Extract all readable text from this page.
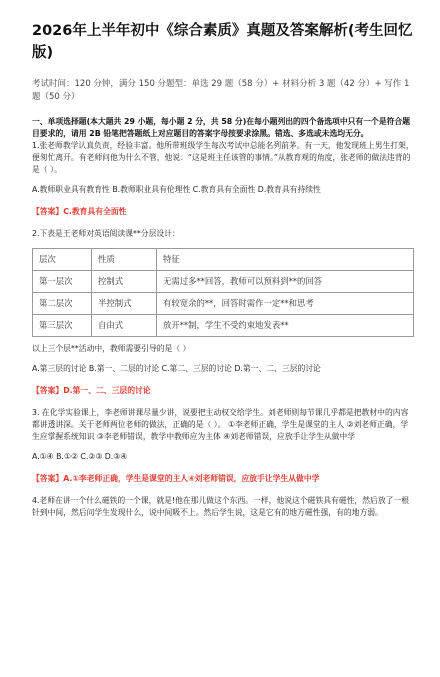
2026年上半年初中《综合素质》真题及答案解析(考生回忆版)
考试时间：120 分钟，满分 150 分题型：单选 29 题（58 分）+ 材料分析 3 题（42 分）+ 写作 1 题（50 分）
一、单项选择题(本大题共 29 小题，每小题 2 分，共 58 分)在每小题列出的四个备选项中只有一个是符合题目要求的，请用 2B 铅笔把答题纸上对应题目的答案字母按要求涂黑。错选、多选或未选均无分。
1.张老师教学认真负责，经验丰富。他所带班级学生每次考试中总能名列前茅。有一天，他发现班上男生打架，便匆忙离开。有老师问他为什么不管，他说：“这是班主任该管的事情。”从教育观的角度，张老师的做法违背的是（ ）。
A.教师职业具有教育性 B.教师职业具有伦理性 C.教育具有全面性 D.教育具有持续性
【答案】C.教育具有全面性
2.下表是王老师对英语阅读课**分层设计：
层次	性质	特征
第一层次	控制式	无需过多**回答，教师可以预料到**的回答
第二层次	半控制式	有较宽余的**，回答时需作一定**和思考
第三层次	自由式	放开**制，学生不受约束地发表**
以上三个层**活动中，教师需要引导的是（ ）
A.第三层的讨论 B.第一、二层的讨论 C.第二、三层的讨论 D.第一、二、三层的讨论
【答案】D.第一、二、三层的讨论
3. 在化学实验课上，李老师讲课尽量少讲，说要把主动权交给学生。刘老师则每节课几乎都是把教材中的内容都讲透讲深。关于老师两位老师的做法，正确的是（ ）。 ①李老师正确，学生是课堂的主人 ②刘老师正确，学生应掌握系统知识 ③李老师错误，教学中教师应为主体 ④刘老师错误，应放手让学生从做中学
A.①④ B.①② C.②③ D.③④
【答案】A.①李老师正确，学生是课堂的主人④刘老师错误，应放手让学生从做中学
4.老师在讲一个什么磁铁的一个课，就是!他在那儿做这个东西。一样，他说这个磁铁具有磁性，然后放了一根针到中间，然后问学生发现什么，说中间吸不上。然后学生说，这是它有的地方磁性强，有的地方弱。
